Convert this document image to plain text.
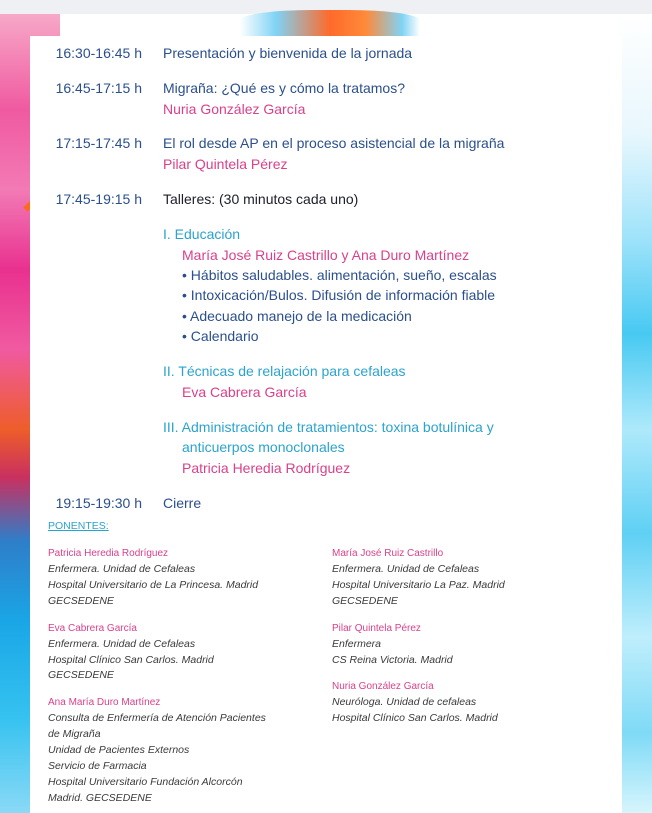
16:30-16:45 h Presentación y bienvenida de la jornada
16:45-17:15 h Migraña: ¿Qué es y cómo la tratamos?
Nuria González García
17:15-17:45 h El rol desde AP en el proceso asistencial de la migraña
Pilar Quintela Pérez
17:45-19:15 h Talleres: (30 minutos cada uno)
I. Educación
María José Ruiz Castrillo y Ana Duro Martínez
• Hábitos saludables. alimentación, sueño, escalas
• Intoxicación/Bulos. Difusión de información fiable
• Adecuado manejo de la medicación
• Calendario
II. Técnicas de relajación para cefaleas
Eva Cabrera García
III. Administración de tratamientos: toxina botulínica y
anticuerpos monoclonales
Patricia Heredia Rodríguez
19:15-19:30 h Cierre
PONENTES:
Patricia Heredia Rodríguez
Enfermera. Unidad de Cefaleas
Hospital Universitario de La Princesa. Madrid
GECSEDENE
Eva Cabrera García
Enfermera. Unidad de Cefaleas
Hospital Clínico San Carlos. Madrid
GECSEDENE
Ana María Duro Martínez
Consulta de Enfermería de Atención Pacientes
de Migraña
Unidad de Pacientes Externos
Servicio de Farmacia
Hospital Universitario Fundación Alcorcón
Madrid. GECSEDENE
María José Ruiz Castrillo
Enfermera. Unidad de Cefaleas
Hospital Universitario La Paz. Madrid
GECSEDENE
Pilar Quintela Pérez
Enfermera
CS Reina Victoria. Madrid
Nuria González García
Neuróloga. Unidad de cefaleas
Hospital Clínico San Carlos. Madrid
